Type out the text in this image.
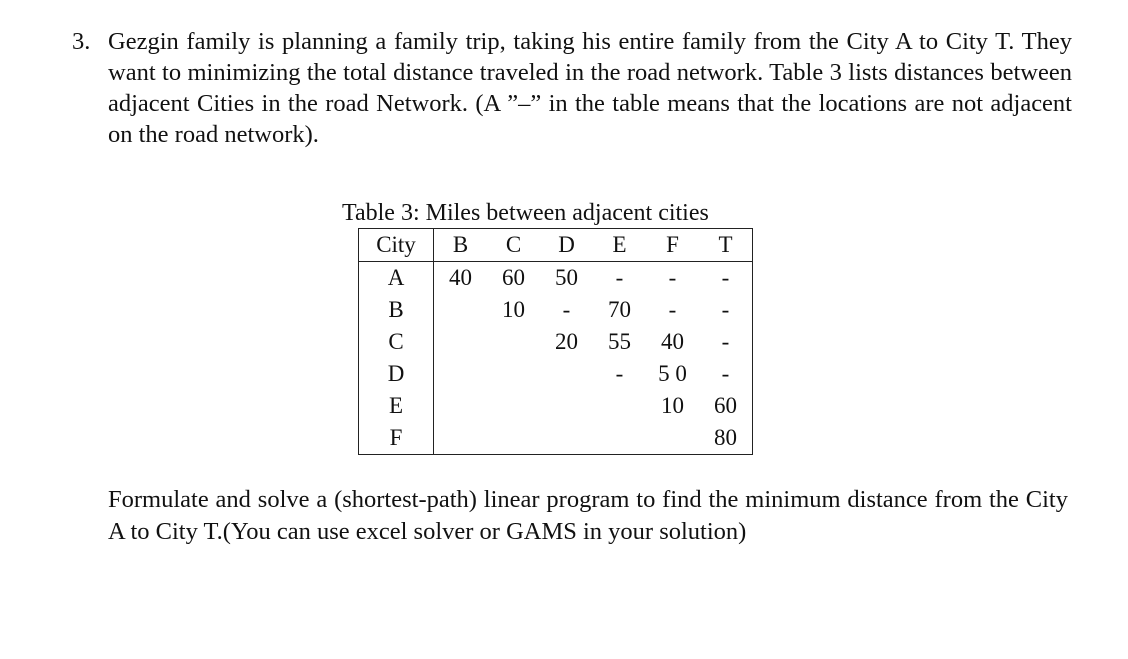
3. Gezgin family is planning a family trip, taking his entire family from the City A to City T. They want to minimizing the total distance traveled in the road network. Table 3 lists distances between adjacent Cities in the road Network. (A ”–” in the table means that the locations are not adjacent on the road network).
Table 3: Miles between adjacent cities
City	B	C	D	E	F	T
A	40	60	50	-	-	-
B		10	-	70	-	-
C			20	55	40	-
D				-	5 0	-
E					10	60
F						80
Formulate and solve a (shortest-path) linear program to find the minimum distance from the City A to City T.(You can use excel solver or GAMS in your solution)
